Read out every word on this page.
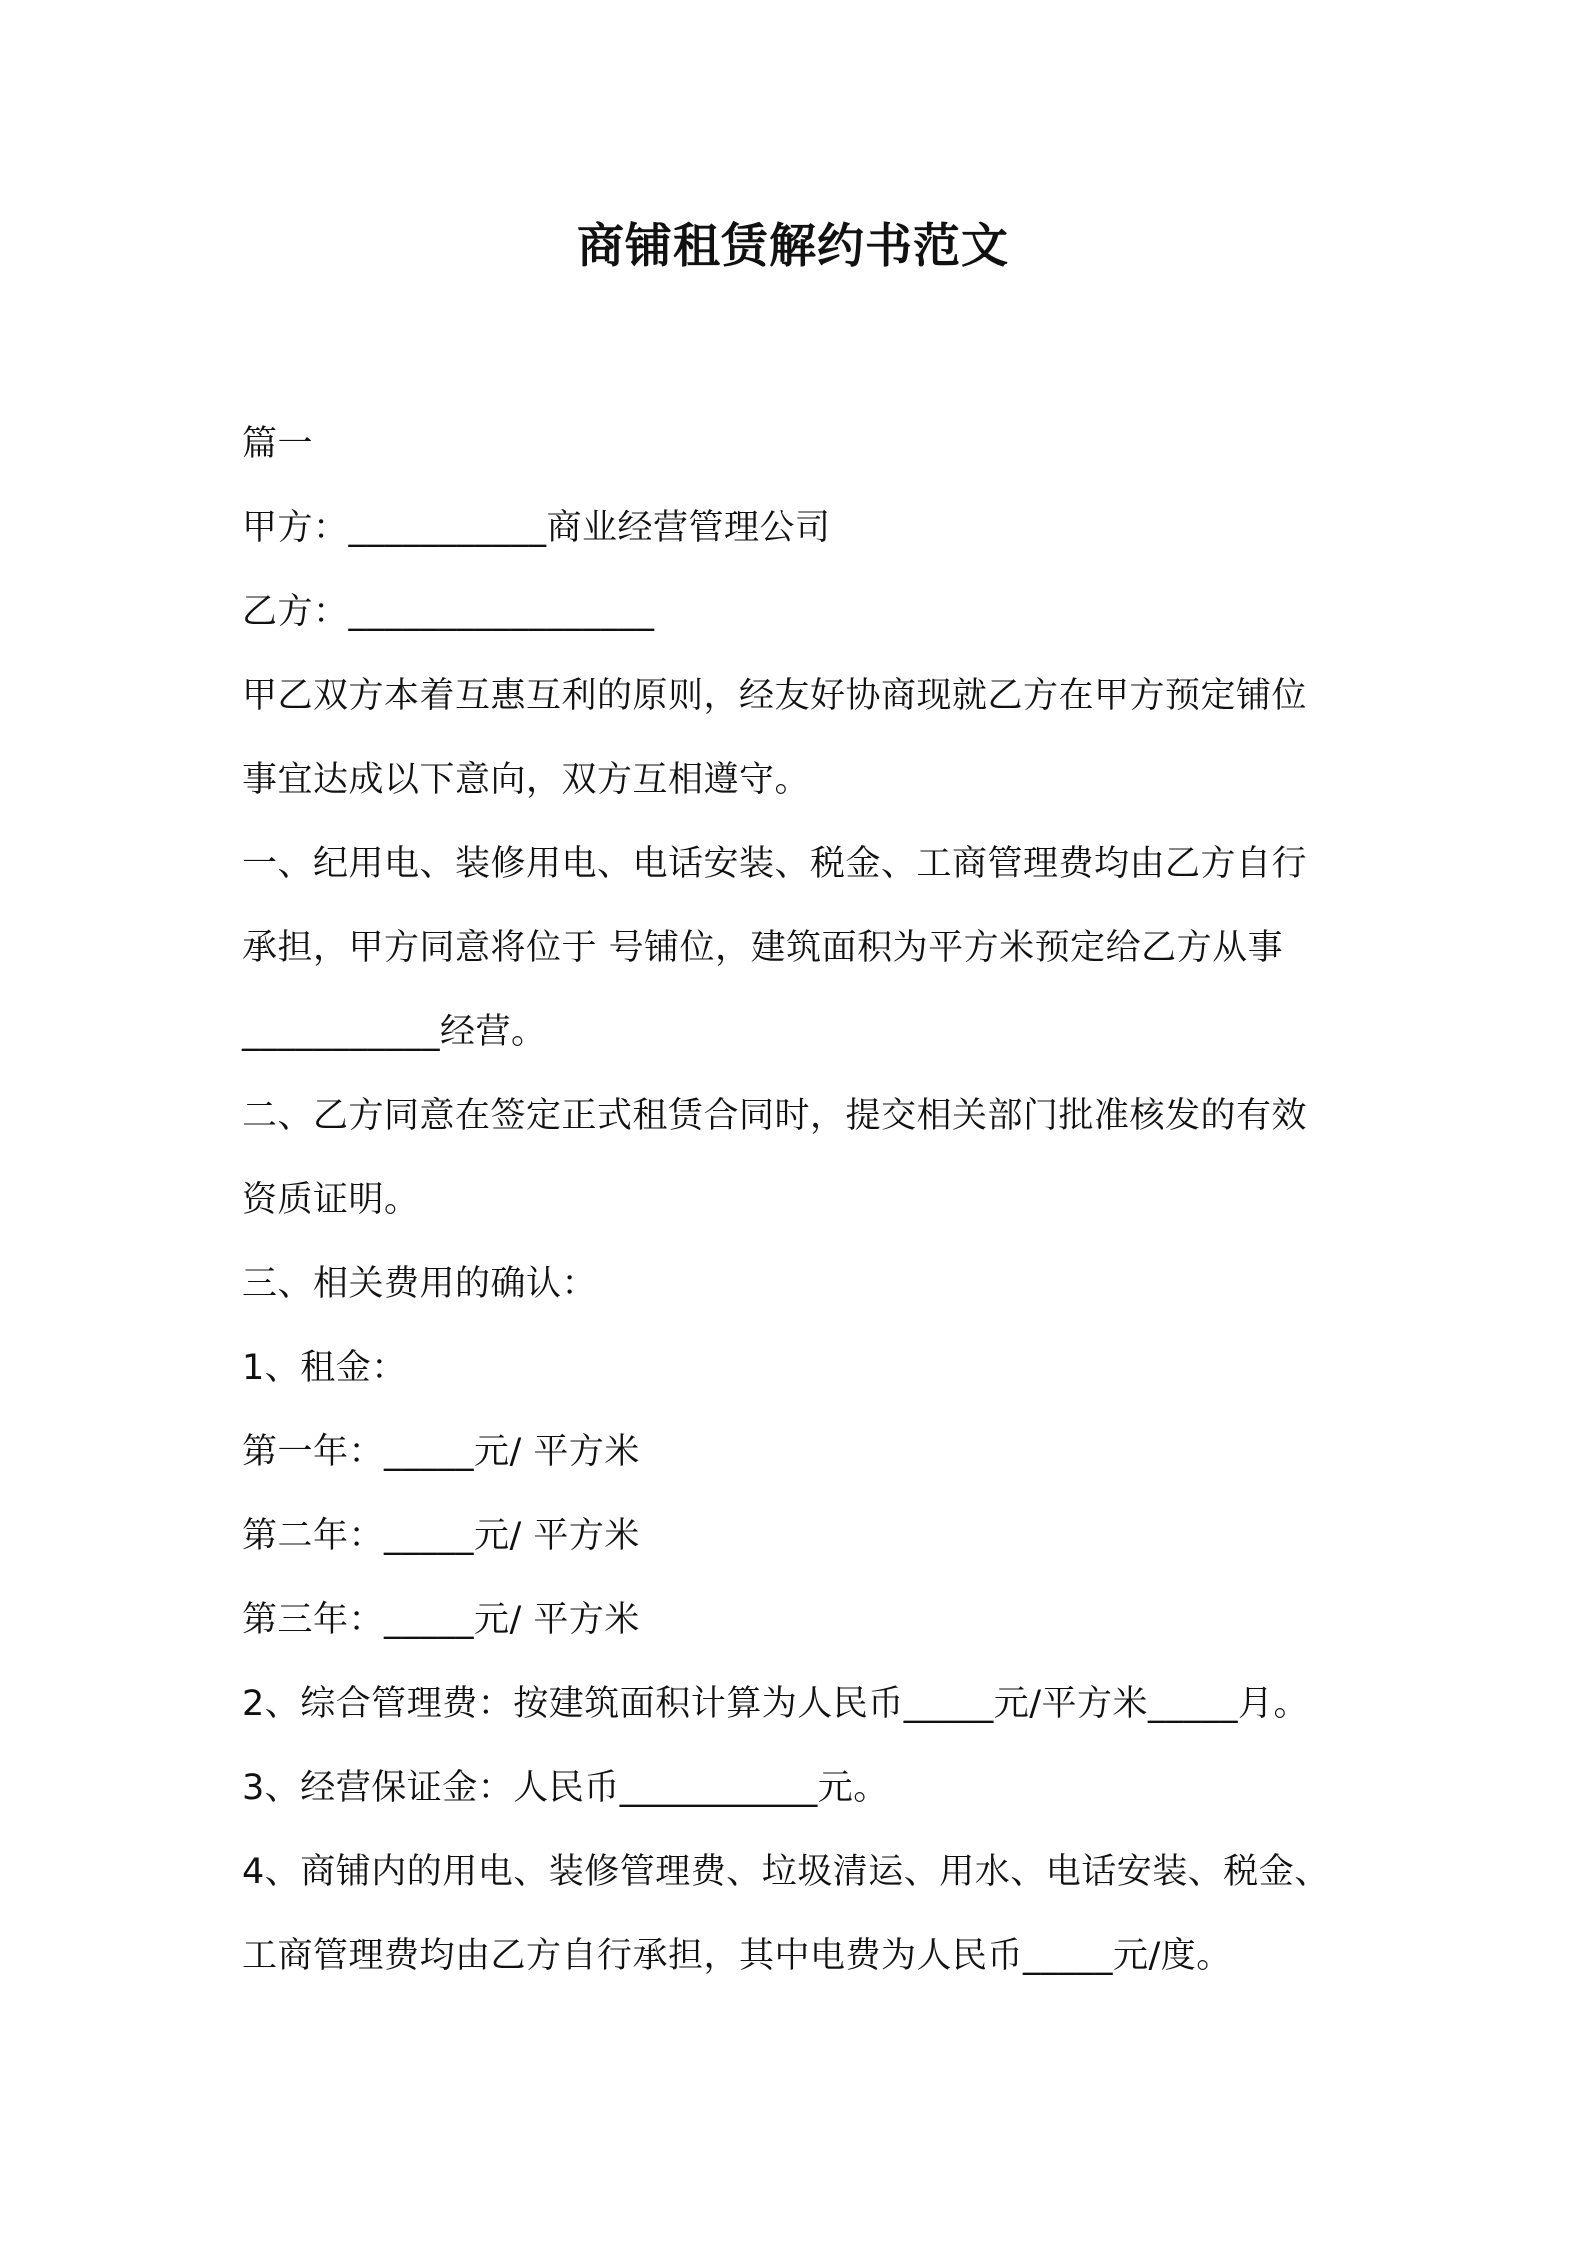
商铺租赁解约书范文
篇一
甲方：___________商业经营管理公司
乙方：_________________
甲乙双方本着互惠互利的原则，经友好协商现就乙方在甲方预定铺位
事宜达成以下意向，双方互相遵守。
一、纪用电、装修用电、电话安装、税金、工商管理费均由乙方自行
承担，甲方同意将位于 号铺位，建筑面积为平方米预定给乙方从事
___________经营。
二、乙方同意在签定正式租赁合同时，提交相关部门批准核发的有效
资质证明。
三、相关费用的确认：
1、租金：
第一年：_____元/ 平方米
第二年：_____元/ 平方米
第三年：_____元/ 平方米
2、综合管理费：按建筑面积计算为人民币_____元/平方米_____月。
3、经营保证金：人民币___________元。
4、商铺内的用电、装修管理费、垃圾清运、用水、电话安装、税金、
工商管理费均由乙方自行承担，其中电费为人民币_____元/度。
